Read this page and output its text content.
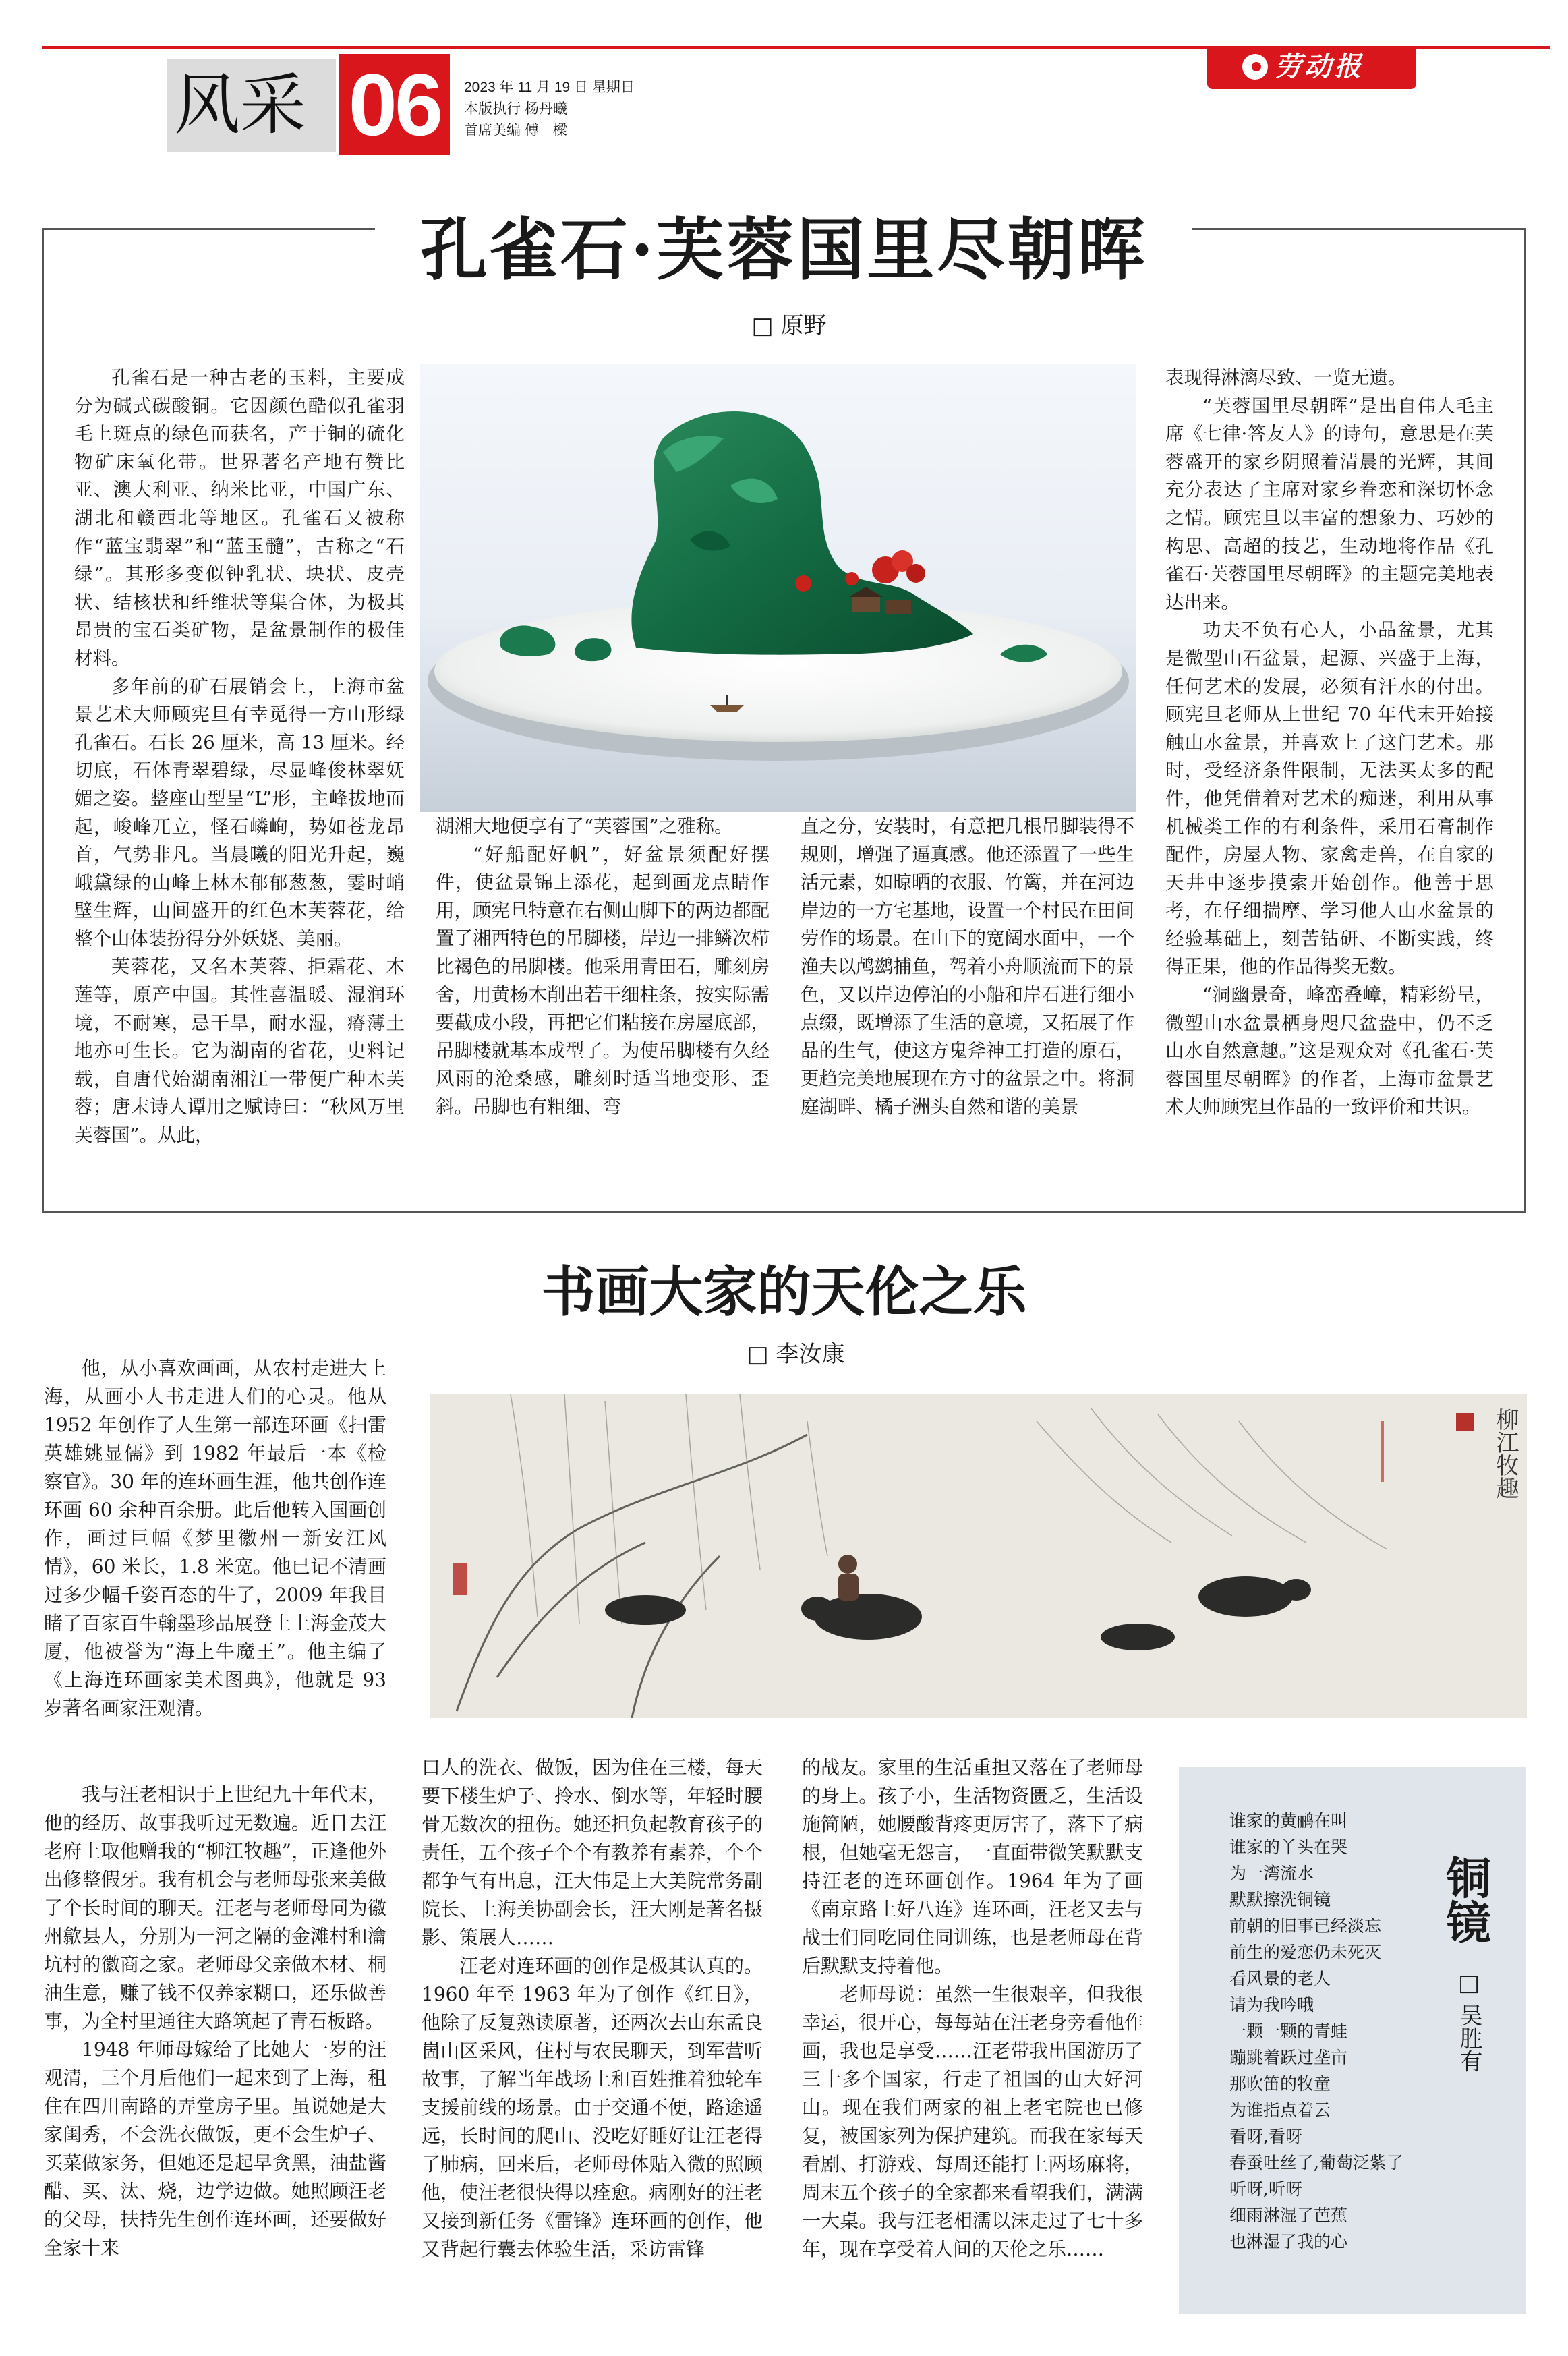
风采 06	2023 年 11 月 19 日 星期日
本版执行 杨丹曦
首席美编 傅　樑
劳动报
孔雀石·芙蓉国里尽朝晖
□ 原野

孔雀石是一种古老的玉料，主要成分为碱式碳酸铜。它因颜色酷似孔雀羽毛上斑点的绿色而获名，产于铜的硫化物矿床氧化带。世界著名产地有赞比亚、澳大利亚、纳米比亚，中国广东、湖北和赣西北等地区。孔雀石又被称作“蓝宝翡翠”和“蓝玉髓”，古称之“石绿”。其形多变似钟乳状、块状、皮壳状、结核状和纤维状等集合体，为极其昂贵的宝石类矿物，是盆景制作的极佳材料。

多年前的矿石展销会上，上海市盆景艺术大师顾宪旦有幸觅得一方山形绿孔雀石。石长 26 厘米，高 13 厘米。经切底，石体青翠碧绿，尽显峰俊林翠妩媚之姿。整座山型呈“L”形，主峰拔地而起，峻峰兀立，怪石嶙峋，势如苍龙昂首，气势非凡。当晨曦的阳光升起，巍峨黛绿的山峰上林木郁郁葱葱，霎时峭壁生辉，山间盛开的红色木芙蓉花，给整个山体装扮得分外妖娆、美丽。

芙蓉花，又名木芙蓉、拒霜花、木莲等，原产中国。其性喜温暖、湿润环境，不耐寒，忌干旱，耐水湿，瘠薄土地亦可生长。它为湖南的省花，史料记载，自唐代始湖南湘江一带便广种木芙蓉；唐末诗人谭用之赋诗曰：“秋风万里芙蓉国”。从此，

湖湘大地便享有了“芙蓉国”之雅称。

“好船配好帆”，好盆景须配好摆件，使盆景锦上添花，起到画龙点睛作用，顾宪旦特意在右侧山脚下的两边都配置了湘西特色的吊脚楼，岸边一排鳞次栉比褐色的吊脚楼。他采用青田石，雕刻房舍，用黄杨木削出若干细柱条，按实际需要截成小段，再把它们粘接在房屋底部，吊脚楼就基本成型了。为使吊脚楼有久经风雨的沧桑感，雕刻时适当地变形、歪斜。吊脚也有粗细、弯

直之分，安装时，有意把几根吊脚装得不规则，增强了逼真感。他还添置了一些生活元素，如晾晒的衣服、竹篱，并在河边岸边的一方宅基地，设置一个村民在田间劳作的场景。在山下的宽阔水面中，一个渔夫以鸬鹚捕鱼，驾着小舟顺流而下的景色，又以岸边停泊的小船和岸石进行细小点缀，既增添了生活的意境，又拓展了作品的生气，使这方鬼斧神工打造的原石，更趋完美地展现在方寸的盆景之中。将洞庭湖畔、橘子洲头自然和谐的美景

表现得淋漓尽致、一览无遗。

“芙蓉国里尽朝晖”是出自伟人毛主席《七律·答友人》的诗句，意思是在芙蓉盛开的家乡阴照着清晨的光辉，其间充分表达了主席对家乡眷恋和深切怀念之情。顾宪旦以丰富的想象力、巧妙的构思、高超的技艺，生动地将作品《孔雀石·芙蓉国里尽朝晖》的主题完美地表达出来。

功夫不负有心人，小品盆景，尤其是微型山石盆景，起源、兴盛于上海，任何艺术的发展，必须有汗水的付出。顾宪旦老师从上世纪 70 年代末开始接触山水盆景，并喜欢上了这门艺术。那时，受经济条件限制，无法买太多的配件，他凭借着对艺术的痴迷，利用从事机械类工作的有利条件，采用石膏制作配件，房屋人物、家禽走兽，在自家的天井中逐步摸索开始创作。他善于思考，在仔细揣摩、学习他人山水盆景的经验基础上，刻苦钻研、不断实践，终得正果，他的作品得奖无数。

“洞幽景奇，峰峦叠嶂，精彩纷呈，微塑山水盆景栖身咫尺盆盎中，仍不乏山水自然意趣。”这是观众对《孔雀石·芙蓉国里尽朝晖》的作者，上海市盆景艺术大师顾宪旦作品的一致评价和共识。

书画大家的天伦之乐
□ 李汝康
柳江牧趣

他，从小喜欢画画，从农村走进大上海，从画小人书走进人们的心灵。他从 1952 年创作了人生第一部连环画《扫雷英雄姚显儒》到 1982 年最后一本《检察官》。30 年的连环画生涯，他共创作连环画 60 余种百余册。此后他转入国画创作，画过巨幅《梦里徽州一新安江风情》，60 米长，1.8 米宽。他已记不清画过多少幅千姿百态的牛了，2009 年我目睹了百家百牛翰墨珍品展登上上海金茂大厦，他被誉为“海上牛魔王”。他主编了《上海连环画家美术图典》，他就是 93 岁著名画家汪观清。

我与汪老相识于上世纪九十年代末，他的经历、故事我听过无数遍。近日去汪老府上取他赠我的“柳江牧趣”，正逢他外出修整假牙。我有机会与老师母张来美做了个长时间的聊天。汪老与老师母同为徽州歙县人，分别为一河之隔的金滩村和瀹坑村的徽商之家。老师母父亲做木材、桐油生意，赚了钱不仅养家糊口，还乐做善事，为全村里通往大路筑起了青石板路。

1948 年师母嫁给了比她大一岁的汪观清，三个月后他们一起来到了上海，租住在四川南路的弄堂房子里。虽说她是大家闺秀，不会洗衣做饭，更不会生炉子、买菜做家务，但她还是起早贪黑，油盐酱醋、买、汰、烧，边学边做。她照顾汪老的父母，扶持先生创作连环画，还要做好全家十来

口人的洗衣、做饭，因为住在三楼，每天要下楼生炉子、拎水、倒水等，年轻时腰骨无数次的扭伤。她还担负起教育孩子的责任，五个孩子个个有教养有素养，个个都争气有出息，汪大伟是上大美院常务副院长、上海美协副会长，汪大刚是著名摄影、策展人……

汪老对连环画的创作是极其认真的。1960 年至 1963 年为了创作《红日》，他除了反复熟读原著，还两次去山东孟良崮山区采风，住村与农民聊天，到军营听故事，了解当年战场上和百姓推着独轮车支援前线的场景。由于交通不便，路途遥远，长时间的爬山、没吃好睡好让汪老得了肺病，回来后，老师母体贴入微的照顾他，使汪老很快得以痊愈。病刚好的汪老又接到新任务《雷锋》连环画的创作，他又背起行囊去体验生活，采访雷锋

的战友。家里的生活重担又落在了老师母的身上。孩子小，生活物资匮乏，生活设施简陋，她腰酸背疼更厉害了，落下了病根，但她毫无怨言，一直面带微笑默默支持汪老的连环画创作。1964 年为了画《南京路上好八连》连环画，汪老又去与战士们同吃同住同训练，也是老师母在背后默默支持着他。

老师母说：虽然一生很艰辛，但我很幸运，很开心，每每站在汪老身旁看他作画，我也是享受……汪老带我出国游历了三十多个国家，行走了祖国的山大好河山。现在我们两家的祖上老宅院也已修复，被国家列为保护建筑。而我在家每天看剧、打游戏、每周还能打上两场麻将，周末五个孩子的全家都来看望我们，满满一大桌。我与汪老相濡以沫走过了七十多年，现在享受着人间的天伦之乐……

谁家的黄鹂在叫
谁家的丫头在哭
为一湾流水
默默擦洗铜镜
前朝的旧事已经淡忘
前生的爱恋仍未死灭
看风景的老人
请为我吟哦
一颗一颗的青蛙
蹦跳着跃过垄亩
那吹笛的牧童
为谁指点着云
看呀,看呀
春蚕吐丝了,葡萄泛紫了
听呀,听呀
细雨淋湿了芭蕉
也淋湿了我的心
铜镜
□ 吴胜有
